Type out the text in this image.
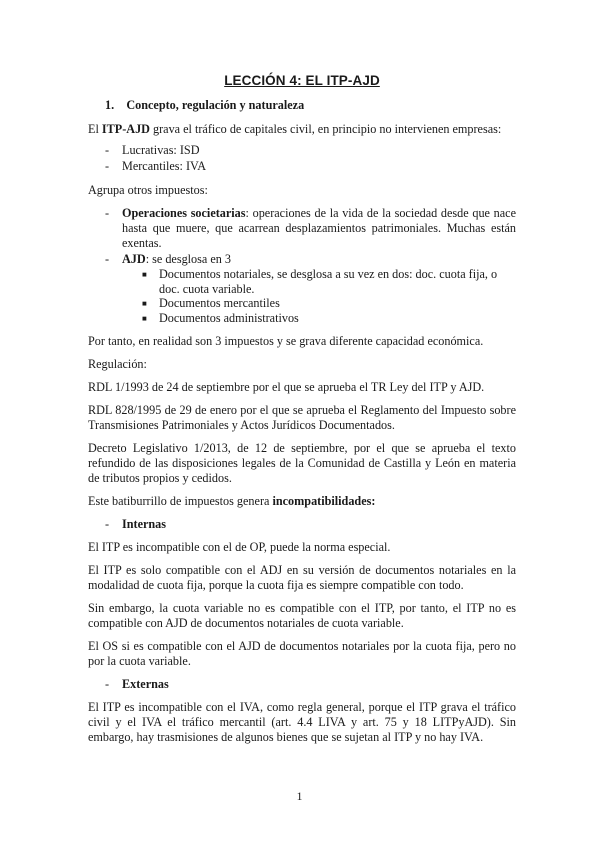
LECCIÓN 4: EL ITP-AJD
1.    Concepto, regulación y naturaleza
El ITP-AJD grava el tráfico de capitales civil, en principio no intervienen empresas:
- Lucrativas: ISD
- Mercantiles: IVA
Agrupa otros impuestos:
- Operaciones societarias: operaciones de la vida de la sociedad desde que nace hasta que muere, que acarrean desplazamientos patrimoniales. Muchas están exentas.
- AJD: se desglosa en 3
■ Documentos notariales, se desglosa a su vez en dos: doc. cuota fija, o doc. cuota variable.
■ Documentos mercantiles
■ Documentos administrativos
Por tanto, en realidad son 3 impuestos y se grava diferente capacidad económica.
Regulación:
RDL 1/1993 de 24 de septiembre por el que se aprueba el TR Ley del ITP y AJD.
RDL 828/1995 de 29 de enero por el que se aprueba el Reglamento del Impuesto sobre Transmisiones Patrimoniales y Actos Jurídicos Documentados.
Decreto Legislativo 1/2013, de 12 de septiembre, por el que se aprueba el texto refundido de las disposiciones legales de la Comunidad de Castilla y León en materia de tributos propios y cedidos.
Este batiburrillo de impuestos genera incompatibilidades:
- Internas
El ITP es incompatible con el de OP, puede la norma especial.
El ITP es solo compatible con el ADJ en su versión de documentos notariales en la modalidad de cuota fija, porque la cuota fija es siempre compatible con todo.
Sin embargo, la cuota variable no es compatible con el ITP, por tanto, el ITP no es compatible con AJD de documentos notariales de cuota variable.
El OS si es compatible con el AJD de documentos notariales por la cuota fija, pero no por la cuota variable.
- Externas
El ITP es incompatible con el IVA, como regla general, porque el ITP grava el tráfico civil y el IVA el tráfico mercantil (art. 4.4 LIVA y art. 75 y 18 LITPyAJD). Sin embargo, hay trasmisiones de algunos bienes que se sujetan al ITP y no hay IVA.
1
